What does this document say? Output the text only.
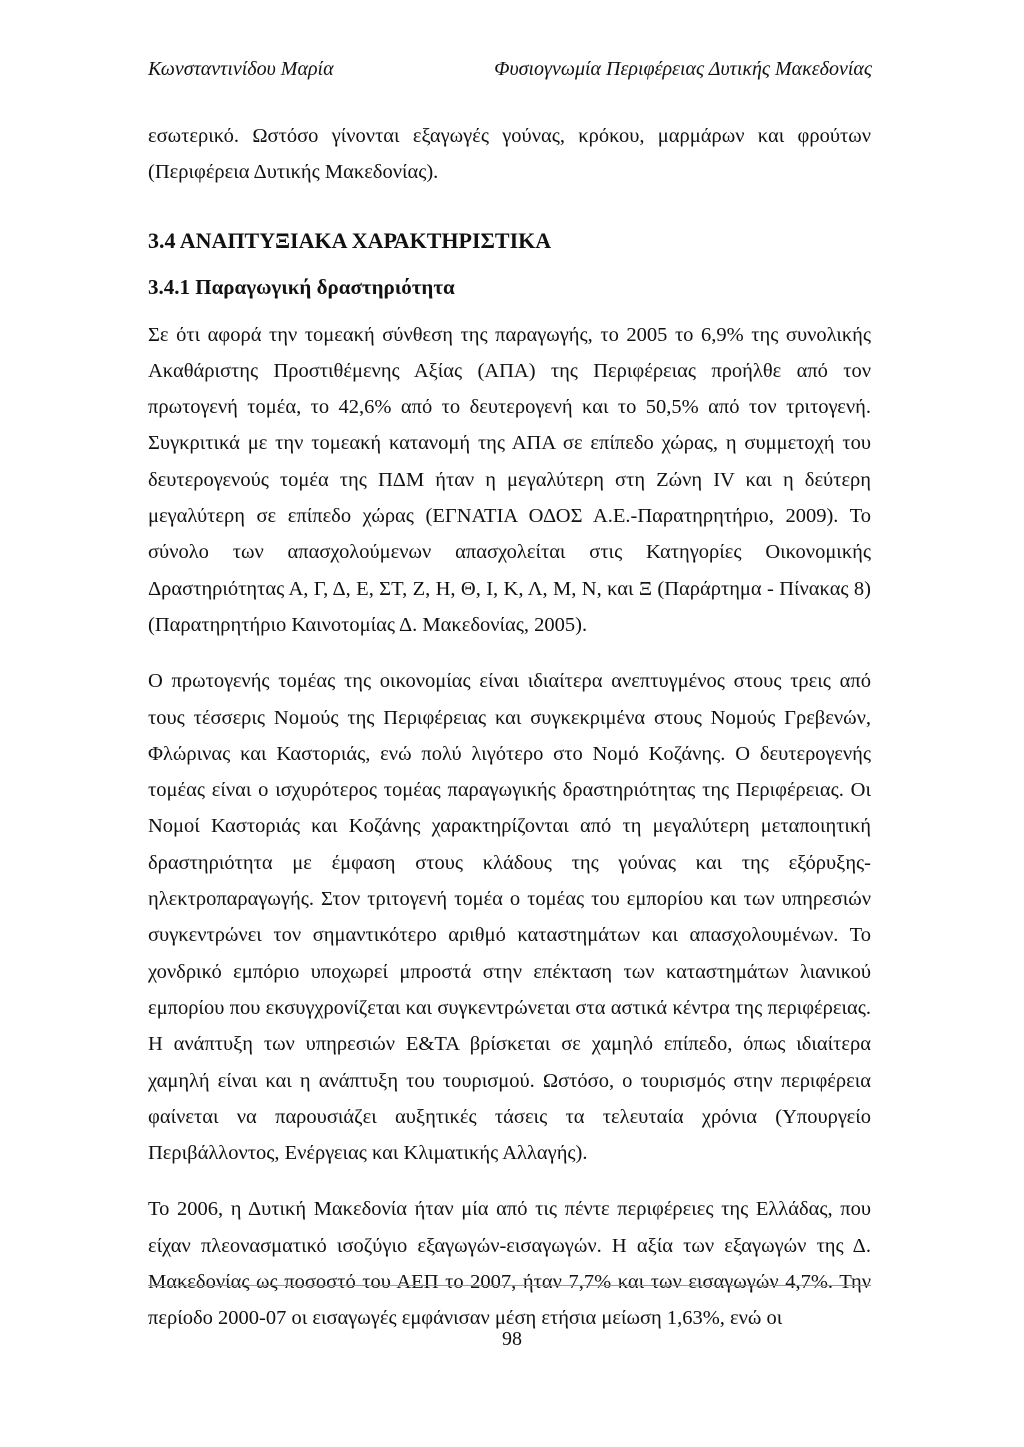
Κωνσταντινίδου Μαρία	Φυσιογνωμία Περιφέρειας Δυτικής Μακεδονίας

εσωτερικό. Ωστόσο γίνονται εξαγωγές γούνας, κρόκου, μαρμάρων και φρούτων (Περιφέρεια Δυτικής Μακεδονίας).

3.4 ΑΝΑΠΤΥΞΙΑΚΑ ΧΑΡΑΚΤΗΡΙΣΤΙΚΑ
3.4.1 Παραγωγική δραστηριότητα

Σε ότι αφορά την τομεακή σύνθεση της παραγωγής, το 2005 το 6,9% της συνολικής Ακαθάριστης Προστιθέμενης Αξίας (ΑΠΑ) της Περιφέρειας προήλθε από τον πρωτογενή τομέα, το 42,6% από το δευτερογενή και το 50,5% από τον τριτογενή. Συγκριτικά με την τομεακή κατανομή της ΑΠΑ σε επίπεδο χώρας, η συμμετοχή του δευτερογενούς τομέα της ΠΔΜ ήταν η μεγαλύτερη στη Ζώνη IV και η δεύτερη μεγαλύτερη σε επίπεδο χώρας (ΕΓΝΑΤΙΑ ΟΔΟΣ Α.Ε.-Παρατηρητήριο, 2009). Το σύνολο των απασχολούμενων απασχολείται στις Κατηγορίες Οικονομικής Δραστηριότητας Α, Γ, Δ, Ε, ΣΤ, Ζ, Η, Θ, Ι, Κ, Λ, Μ, Ν, και Ξ (Παράρτημα - Πίνακας 8) (Παρατηρητήριο Καινοτομίας Δ. Μακεδονίας, 2005).

Ο πρωτογενής τομέας της οικονομίας είναι ιδιαίτερα ανεπτυγμένος στους τρεις από τους τέσσερις Νομούς της Περιφέρειας και συγκεκριμένα στους Νομούς Γρεβενών, Φλώρινας και Καστοριάς, ενώ πολύ λιγότερο στο Νομό Κοζάνης. Ο δευτερογενής τομέας είναι ο ισχυρότερος τομέας παραγωγικής δραστηριότητας της Περιφέρειας. Οι Νομοί Καστοριάς και Κοζάνης χαρακτηρίζονται από τη μεγαλύτερη μεταποιητική δραστηριότητα με έμφαση στους κλάδους της γούνας και της εξόρυξης-ηλεκτροπαραγωγής. Στον τριτογενή τομέα ο τομέας του εμπορίου και των υπηρεσιών συγκεντρώνει τον σημαντικότερο αριθμό καταστημάτων και απασχολουμένων. Το χονδρικό εμπόριο υποχωρεί μπροστά στην επέκταση των καταστημάτων λιανικού εμπορίου που εκσυγχρονίζεται και συγκεντρώνεται στα αστικά κέντρα της περιφέρειας. Η ανάπτυξη των υπηρεσιών Ε&ΤΑ βρίσκεται σε χαμηλό επίπεδο, όπως ιδιαίτερα χαμηλή είναι και η ανάπτυξη του τουρισμού. Ωστόσο, ο τουρισμός στην περιφέρεια φαίνεται να παρουσιάζει αυξητικές τάσεις τα τελευταία χρόνια (Υπουργείο Περιβάλλοντος, Ενέργειας και Κλιματικής Αλλαγής).

Το 2006, η Δυτική Μακεδονία ήταν μία από τις πέντε περιφέρειες της Ελλάδας, που είχαν πλεονασματικό ισοζύγιο εξαγωγών-εισαγωγών. Η αξία των εξαγωγών της Δ. Μακεδονίας ως ποσοστό του ΑΕΠ το 2007, ήταν 7,7% και των εισαγωγών 4,7%. Την περίοδο 2000-07 οι εισαγωγές εμφάνισαν μέση ετήσια μείωση 1,63%, ενώ οι

98
